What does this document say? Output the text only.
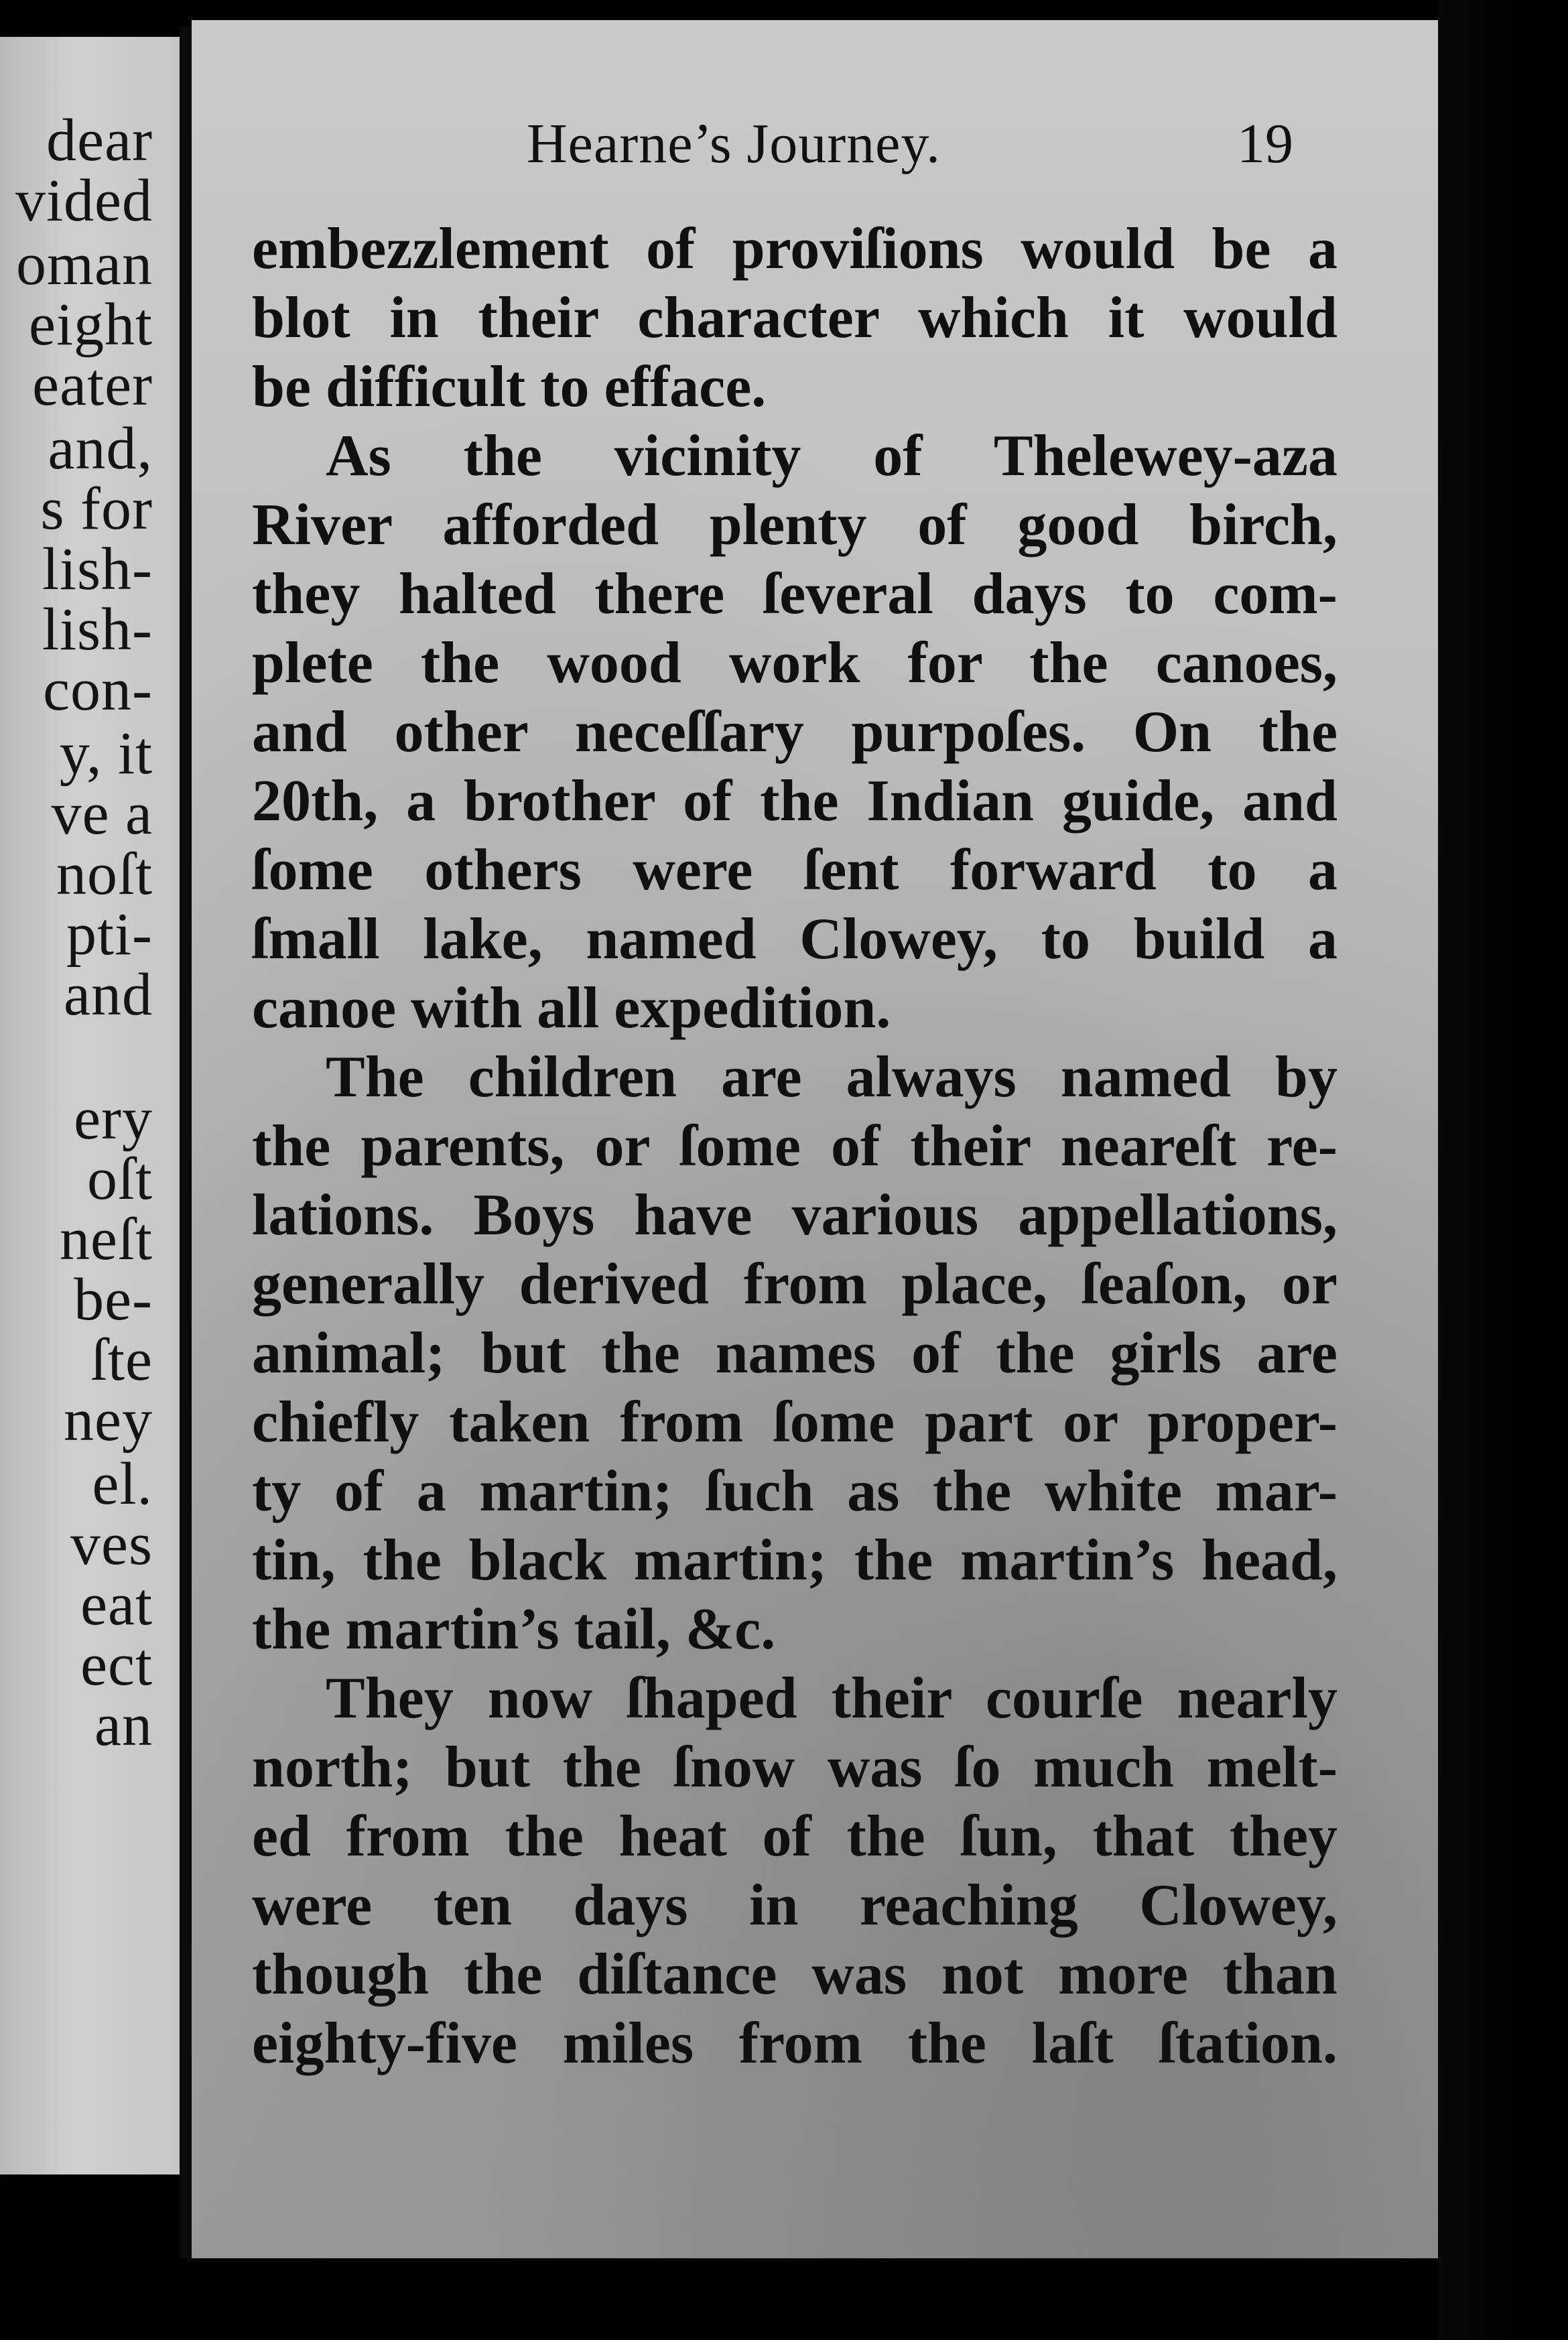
dear
vided
oman
eight
eater
and,
s for
lish-
lish-
con-
y, it
ve a
noſt
pti-
and
ery
oſt
neſt
be-
ſte
ney
el.
ves
eat
ect
an
Hearne’s Journey.	19
embezzlement of proviſions would be a
blot in their character which it would
be difficult to efface.
As the vicinity of Thelewey-aza
River afforded plenty of good birch,
they halted there ſeveral days to com-
plete the wood work for the canoes,
and other neceſſary purpoſes. On the
20th, a brother of the Indian guide, and
ſome others were ſent forward to a
ſmall lake, named Clowey, to build a
canoe with all expedition.
The children are always named by
the parents, or ſome of their neareſt re-
lations. Boys have various appellations,
generally derived from place, ſeaſon, or
animal; but the names of the girls are
chiefly taken from ſome part or proper-
ty of a martin; ſuch as the white mar-
tin, the black martin; the martin’s head,
the martin’s tail, &c.
They now ſhaped their courſe nearly
north; but the ſnow was ſo much melt-
ed from the heat of the ſun, that they
were ten days in reaching Clowey,
though the diſtance was not more than
eighty-five miles from the laſt ſtation.
